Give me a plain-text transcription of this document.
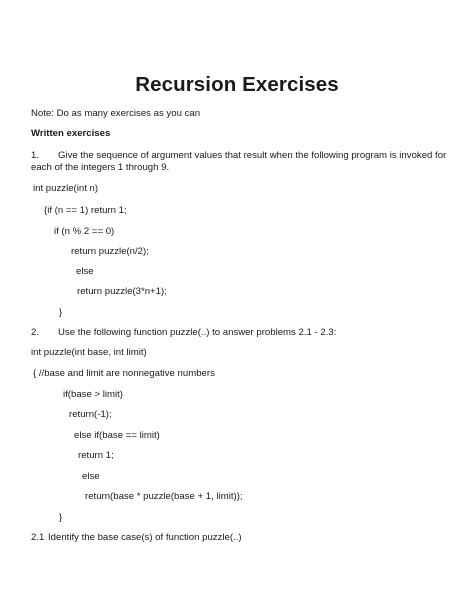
Recursion Exercises
Note: Do as many exercises as you can
Written exercises
1. Give the sequence of argument values that result when the following program is invoked for
each of the integers 1 through 9.
int puzzle(int n)
{if (n == 1) return 1;
if (n % 2 == 0)
return puzzle(n/2);
else
return puzzle(3*n+1);
}
2. Use the following function puzzle(..) to answer problems 2.1 - 2.3:
int puzzle(int base, int limit)
{ //base and limit are nonnegative numbers
if(base > limit)
return(-1);
else if(base == limit)
return 1;
else
return(base * puzzle(base + 1, limit));
}
2.1 Identify the base case(s) of function puzzle(..)
